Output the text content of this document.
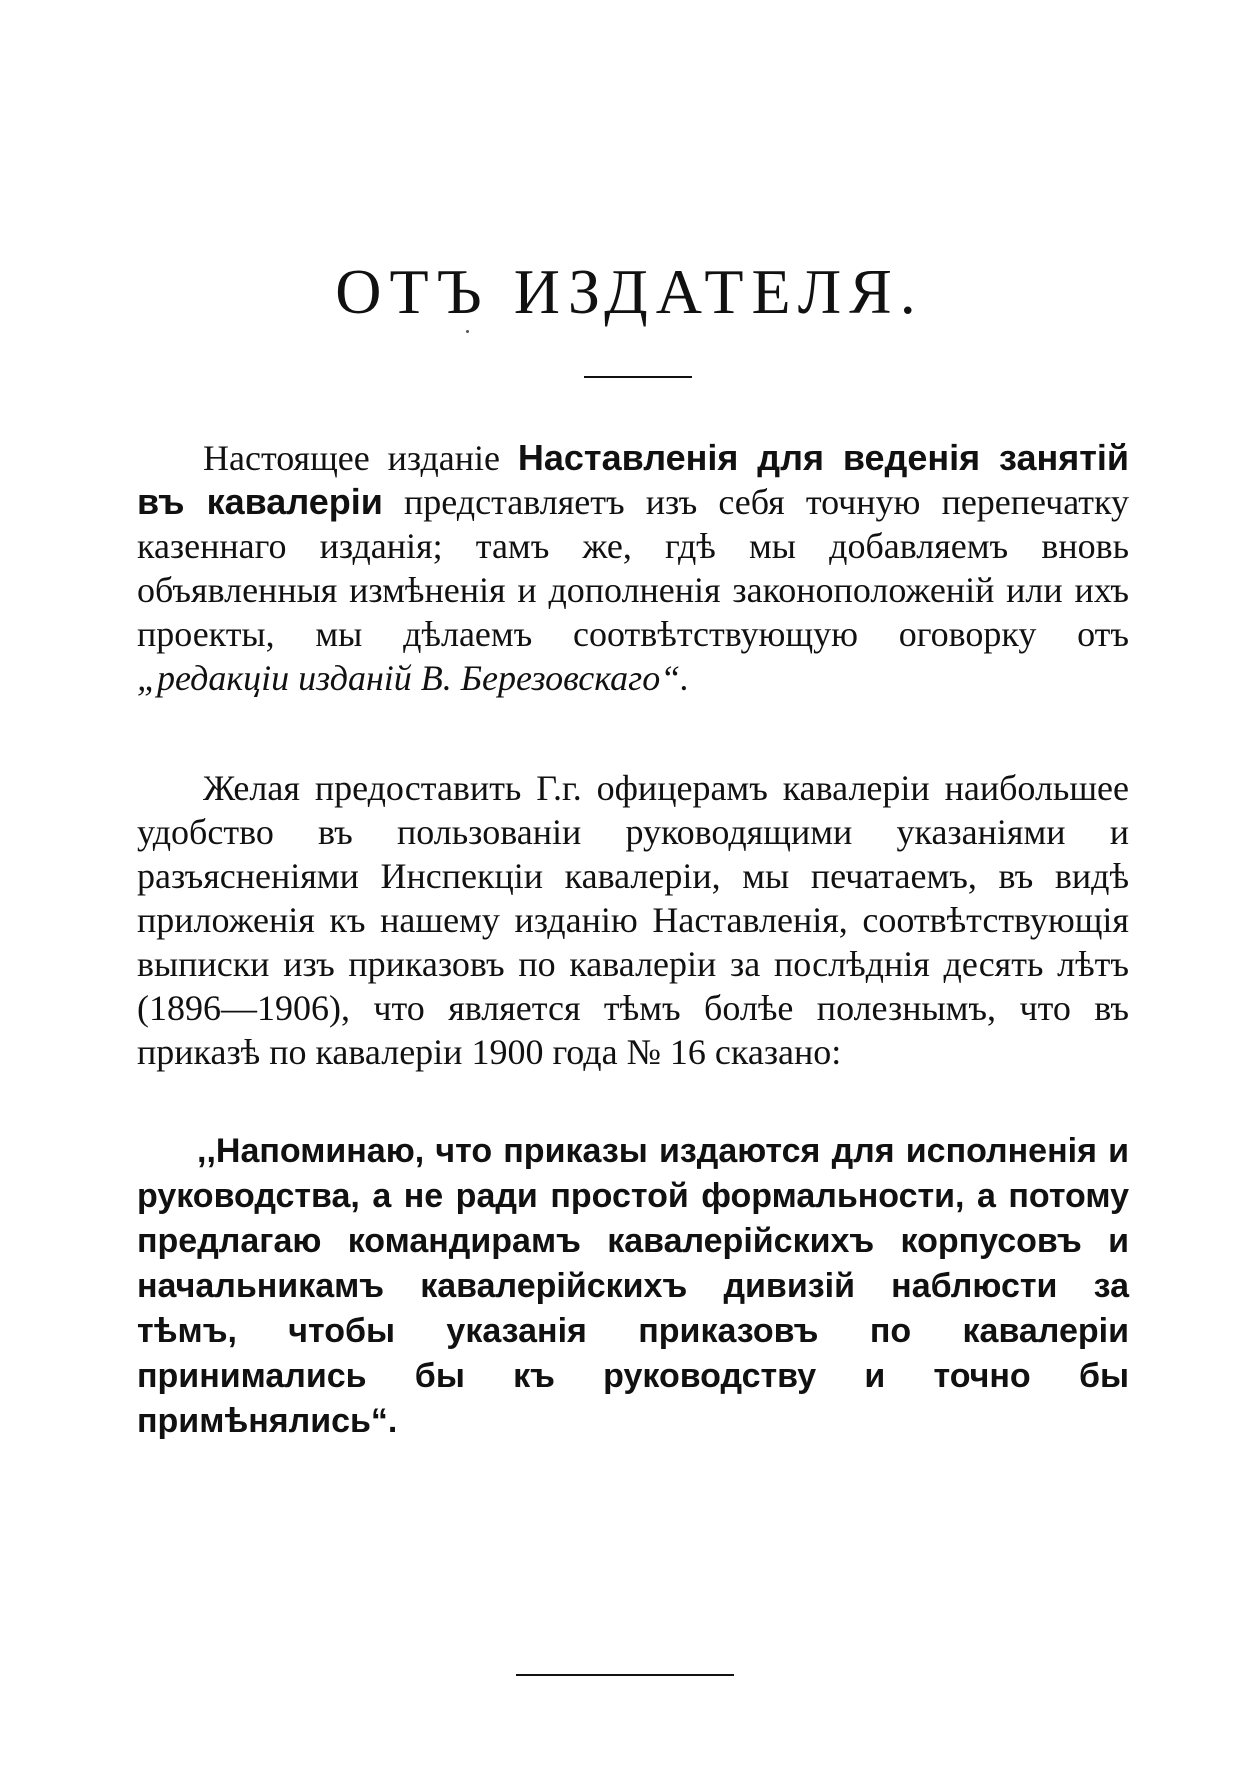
ОТЪ ИЗДАТЕЛЯ.

Настоящее изданіе Наставленія для веденія занятій въ кавалеріи представляетъ изъ себя точную перепечатку казеннаго изданія; тамъ же, гдѣ мы добавляемъ вновь объявленныя измѣненія и дополненія законоположеній или ихъ проекты, мы дѣлаемъ соотвѣтствующую оговорку отъ „редакціи изданій В. Березовскаго“.

Желая предоставить Г.г. офицерамъ кавалеріи наибольшее удобство въ пользованіи руководящими указаніями и разъясненіями Инспекціи кавалеріи, мы печатаемъ, въ видѣ приложенія къ нашему изданію Наставленія, соотвѣтствующія выписки изъ приказовъ по кавалеріи за послѣднія десять лѣтъ (1896—1906), что является тѣмъ болѣе полезнымъ, что въ приказѣ по кавалеріи 1900 года № 16 сказано:

,,Напоминаю, что приказы издаются для исполненія и руководства, а не ради простой формальности, а потому предлагаю командирамъ кавалерійскихъ корпусовъ и начальникамъ кавалерійскихъ дивизій наблюсти за тѣмъ, чтобы указанія приказовъ по кавалеріи принимались бы къ руководству и точно бы примѣнялись“.
